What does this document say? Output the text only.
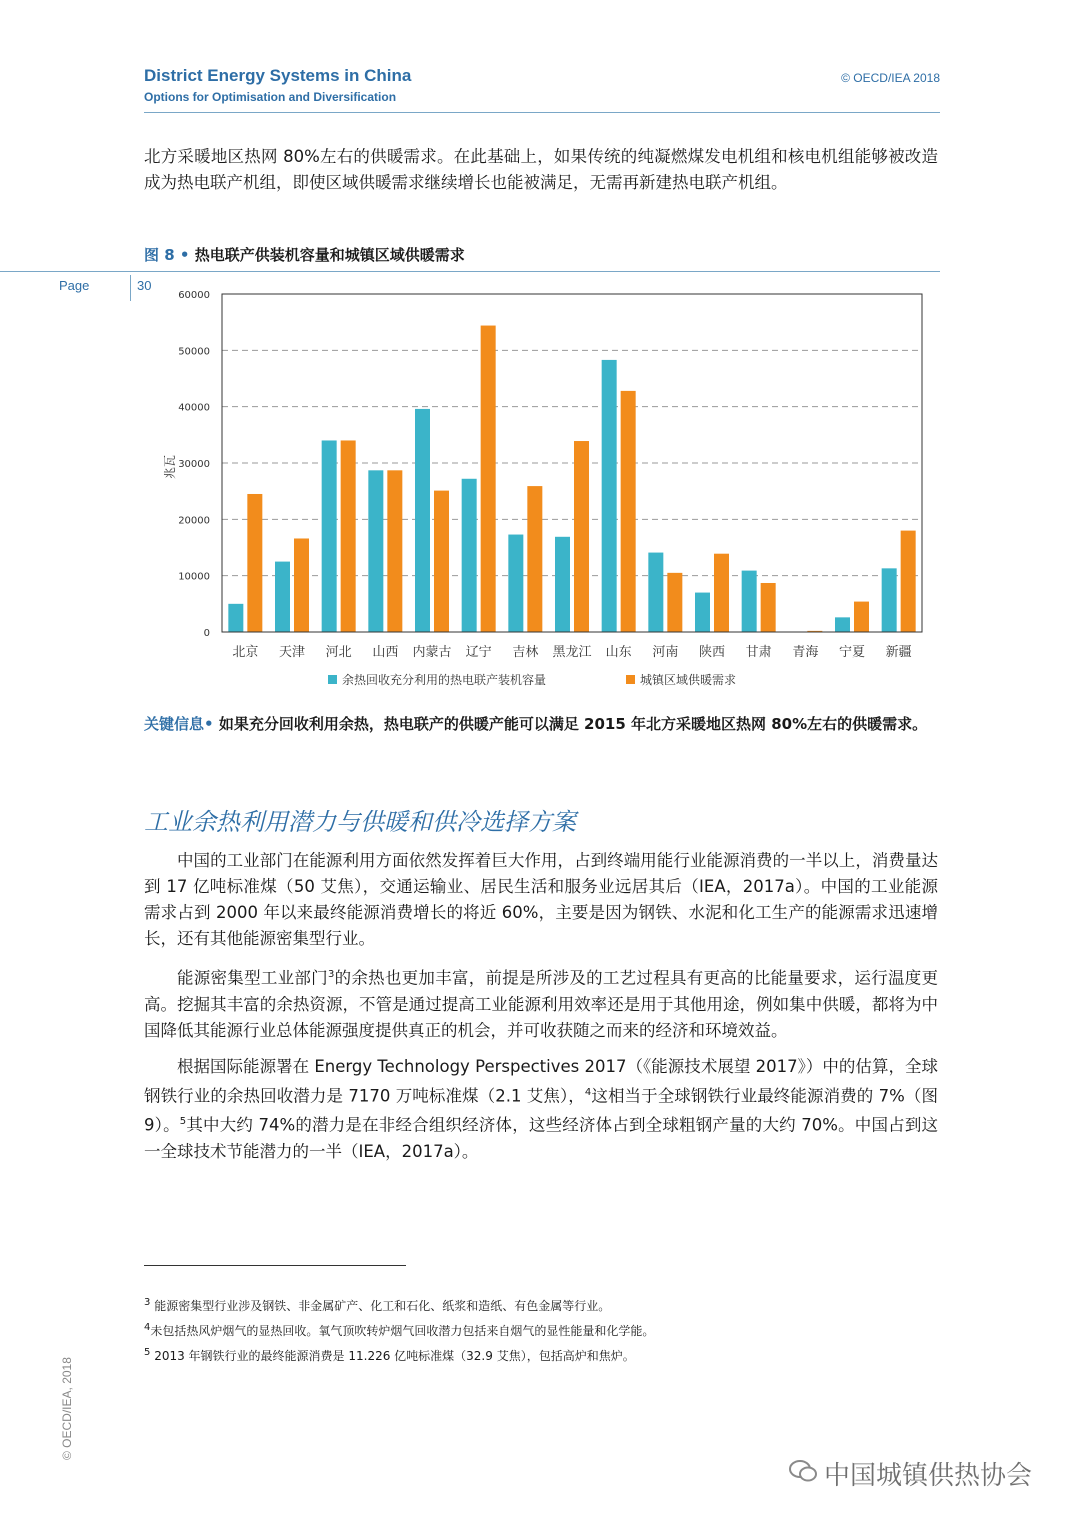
District Energy Systems in China
Options for Optimisation and Diversification
© OECD/IEA 2018

北方采暖地区热网 80%左右的供暖需求。在此基础上，如果传统的纯凝燃煤发电机组和核电机组能够被改造成为热电联产机组，即使区域供暖需求继续增长也能被满足，无需再新建热电联产机组。

图 8 • 热电联产供装机容量和城镇区域供暖需求
Page	30
0
10000
20000
30000
40000
50000
60000
北京 天津 河北 山西 内蒙古 辽宁 吉林 黑龙江 山东 河南 陕西 甘肃 青海 宁夏 新疆
兆瓦
余热回收充分利用的热电联产装机容量	城镇区域供暖需求
关键信息• 如果充分回收利用余热，热电联产的供暖产能可以满足 2015 年北方采暖地区热网 80%左右的供暖需求。
工业余热利用潜力与供暖和供冷选择方案

中国的工业部门在能源利用方面依然发挥着巨大作用，占到终端用能行业能源消费的一半以上，消费量达到 17 亿吨标准煤（50 艾焦），交通运输业、居民生活和服务业远居其后（IEA，2017a）。中国的工业能源需求占到 2000 年以来最终能源消费增长的将近 60%，主要是因为钢铁、水泥和化工生产的能源需求迅速增长，还有其他能源密集型行业。

能源密集型工业部门$^3$的余热也更加丰富，前提是所涉及的工艺过程具有更高的比能量要求，运行温度更高。挖掘其丰富的余热资源，不管是通过提高工业能源利用效率还是用于其他用途，例如集中供暖，都将为中国降低其能源行业总体能源强度提供真正的机会，并可收获随之而来的经济和环境效益。

根据国际能源署在 Energy Technology Perspectives 2017（《能源技术展望 2017》）中的估算，全球钢铁行业的余热回收潜力是 7170 万吨标准煤（2.1 艾焦），$^4$这相当于全球钢铁行业最终能源消费的 7%（图 9）。$^5$其中大约 74%的潜力是在非经合组织经济体，这些经济体占到全球粗钢产量的大约 70%。中国占到这一全球技术节能潜力的一半（IEA，2017a）。

$^3$ 能源密集型行业涉及钢铁、非金属矿产、化工和石化、纸浆和造纸、有色金属等行业。
$^4$未包括热风炉烟气的显热回收。氧气顶吹转炉烟气回收潜力包括来自烟气的显性能量和化学能。
$^5$ 2013 年钢铁行业的最终能源消费是 11.226 亿吨标准煤（32.9 艾焦），包括高炉和焦炉。
© OECD/IEA, 2018
中国城镇供热协会
